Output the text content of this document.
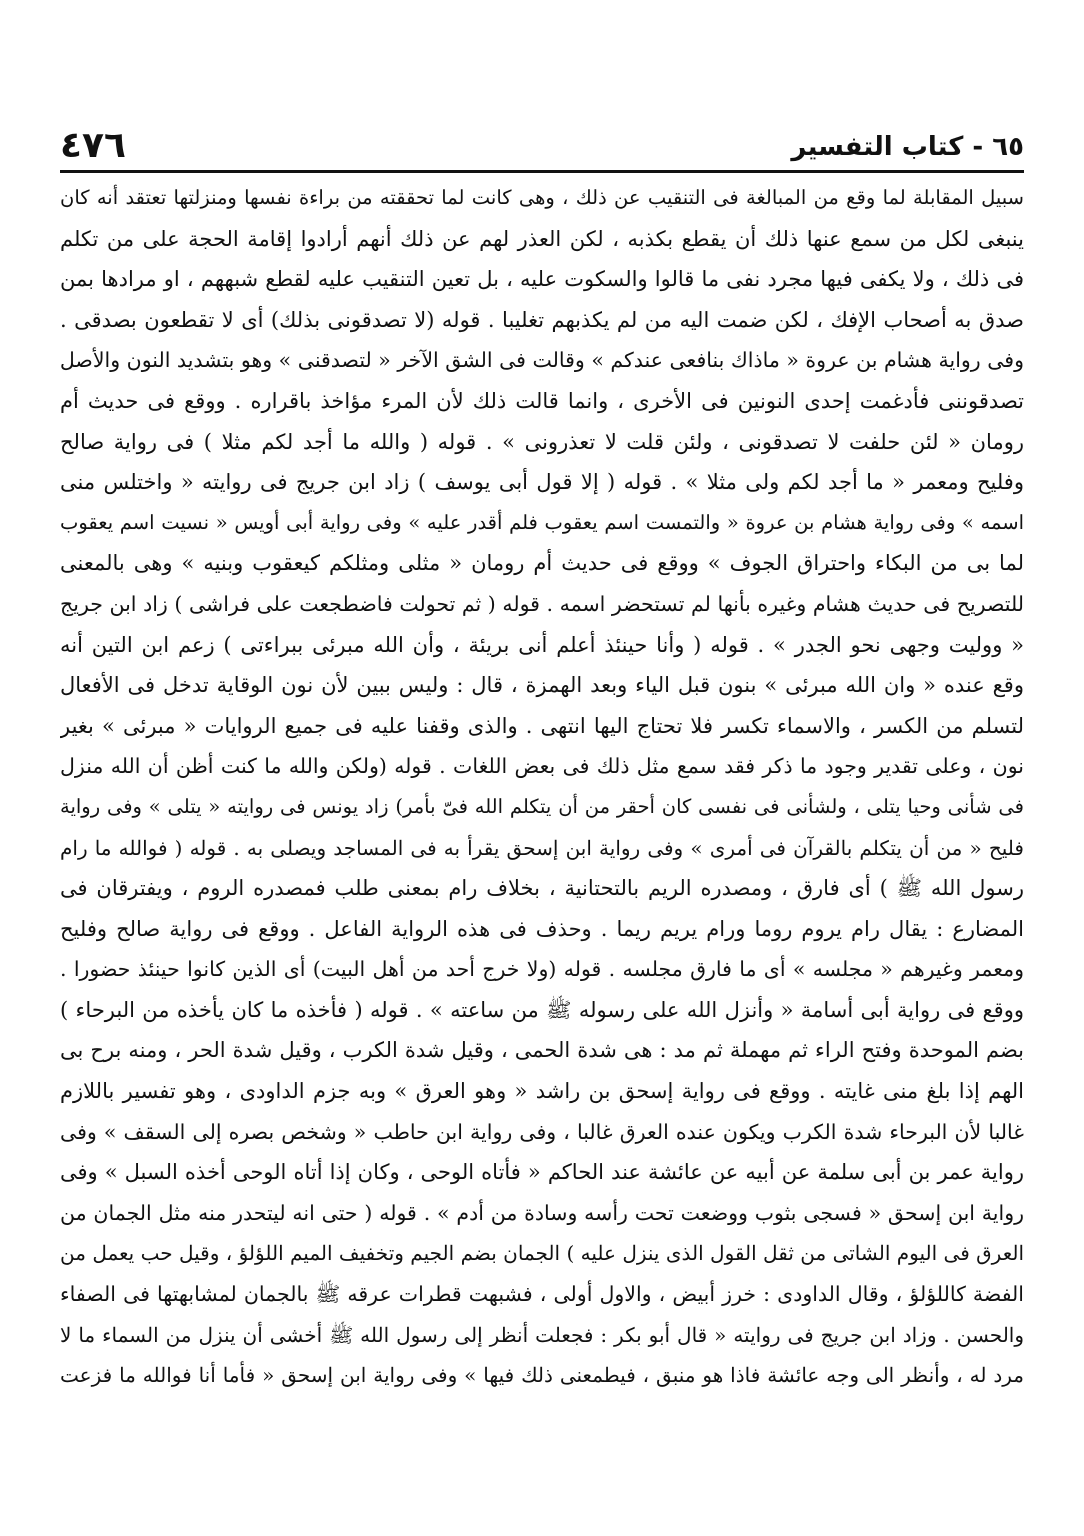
٤٧٦	٦٥ - كتاب التفسير
سبيل المقابلة لما وقع من المبالغة فى التنقيب عن ذلك ، وهى كانت لما تحققته من براءة نفسها ومنزلتها تعتقد أنه كان
ينبغى لكل من سمع عنها ذلك أن يقطع بكذبه ، لكن العذر لهم عن ذلك أنهم أرادوا إقامة الحجة على من تكلم
فى ذلك ، ولا يكفى فيها مجرد نفى ما قالوا والسكوت عليه ، بل تعين التنقيب عليه لقطع شبههم ، او مرادها بمن
صدق به أصحاب الإفك ، لكن ضمت اليه من لم يكذبهم تغليبا . قوله (لا تصدقونى بذلك) أى لا تقطعون بصدقى .
وفى رواية هشام بن عروة « ماذاك بنافعى عندكم » وقالت فى الشق الآخر « لتصدقنى » وهو بتشديد النون والأصل
تصدقوننى فأدغمت إحدى النونين فى الأخرى ، وانما قالت ذلك لأن المرء مؤاخذ باقراره . ووقع فى حديث أم
رومان « لئن حلفت لا تصدقونى ، ولئن قلت لا تعذرونى » . قوله ( والله ما أجد لكم مثلا ) فى رواية صالح
وفليح ومعمر « ما أجد لكم ولى مثلا » . قوله ( إلا قول أبى يوسف ) زاد ابن جريج فى روايته « واختلس منى
اسمه » وفى رواية هشام بن عروة « والتمست اسم يعقوب فلم أقدر عليه » وفى رواية أبى أويس « نسيت اسم يعقوب
لما بى من البكاء واحتراق الجوف » ووقع فى حديث أم رومان « مثلى ومثلكم كيعقوب وبنيه » وهى بالمعنى
للتصريح فى حديث هشام وغيره بأنها لم تستحضر اسمه . قوله ( ثم تحولت فاضطجعت على فراشى ) زاد ابن جريج
« ووليت وجهى نحو الجدر » . قوله ( وأنا حينئذ أعلم أنى بريئة ، وأن الله مبرئى ببراءتى ) زعم ابن التين أنه
وقع عنده « وان الله مبرئى » بنون قبل الياء وبعد الهمزة ، قال : وليس ببين لأن نون الوقاية تدخل فى الأفعال
لتسلم من الكسر ، والاسماء تكسر فلا تحتاج اليها انتهى . والذى وقفنا عليه فى جميع الروايات « مبرئى » بغير
نون ، وعلى تقدير وجود ما ذكر فقد سمع مثل ذلك فى بعض اللغات . قوله (ولكن والله ما كنت أظن أن الله منزل
فى شأنى وحيا يتلى ، ولشأنى فى نفسى كان أحقر من أن يتكلم الله فىّ بأمر) زاد يونس فى روايته « يتلى » وفى رواية
فليح « من أن يتكلم بالقرآن فى أمرى » وفى رواية ابن إسحق يقرأ به فى المساجد ويصلى به . قوله ( فوالله ما رام
رسول الله ﷺ ) أى فارق ، ومصدره الريم بالتحتانية ، بخلاف رام بمعنى طلب فمصدره الروم ، ويفترقان فى
المضارع : يقال رام يروم روما ورام يريم ريما . وحذف فى هذه الرواية الفاعل . ووقع فى رواية صالح وفليح
ومعمر وغيرهم « مجلسه » أى ما فارق مجلسه . قوله (ولا خرج أحد من أهل البيت) أى الذين كانوا حينئذ حضورا .
ووقع فى رواية أبى أسامة « وأنزل الله على رسوله ﷺ من ساعته » . قوله ( فأخذه ما كان يأخذه من البرحاء )
بضم الموحدة وفتح الراء ثم مهملة ثم مد : هى شدة الحمى ، وقيل شدة الكرب ، وقيل شدة الحر ، ومنه برح بى
الهم إذا بلغ منى غايته . ووقع فى رواية إسحق بن راشد « وهو العرق » وبه جزم الداودى ، وهو تفسير باللازم
غالبا لأن البرحاء شدة الكرب ويكون عنده العرق غالبا ، وفى رواية ابن حاطب « وشخص بصره إلى السقف » وفى
رواية عمر بن أبى سلمة عن أبيه عن عائشة عند الحاكم « فأتاه الوحى ، وكان إذا أتاه الوحى أخذه السبل » وفى
رواية ابن إسحق « فسجى بثوب ووضعت تحت رأسه وسادة من أدم » . قوله ( حتى انه ليتحدر منه مثل الجمان من
العرق فى اليوم الشاتى من ثقل القول الذى ينزل عليه ) الجمان بضم الجيم وتخفيف الميم اللؤلؤ ، وقيل حب يعمل من
الفضة كاللؤلؤ ، وقال الداودى : خرز أبيض ، والاول أولى ، فشبهت قطرات عرقه ﷺ بالجمان لمشابهتها فى الصفاء
والحسن . وزاد ابن جريج فى روايته « قال أبو بكر : فجعلت أنظر إلى رسول الله ﷺ أخشى أن ينزل من السماء ما لا
مرد له ، وأنظر الى وجه عائشة فاذا هو منبق ، فيطمعنى ذلك فيها » وفى رواية ابن إسحق « فأما أنا فوالله ما فزعت
